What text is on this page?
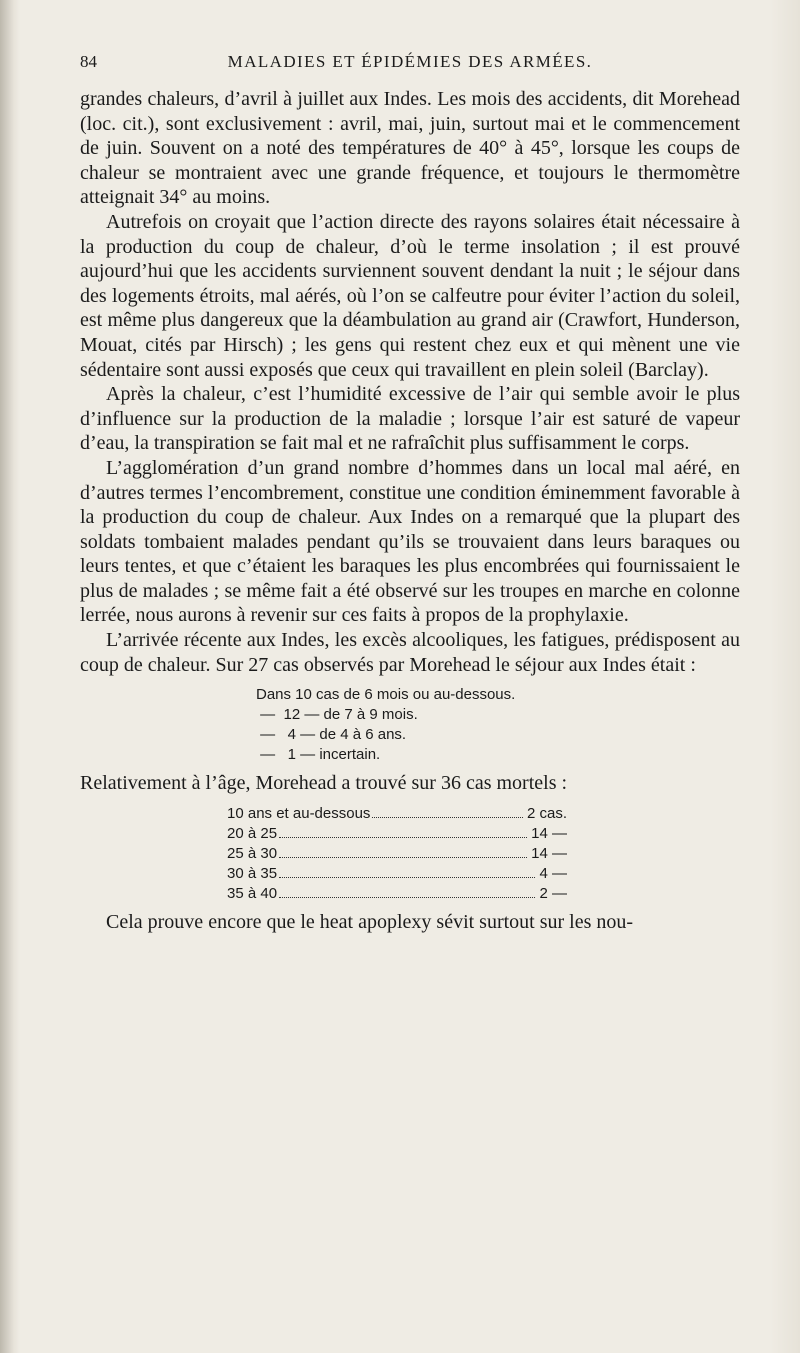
84	MALADIES ET ÉPIDÉMIES DES ARMÉES.

grandes chaleurs, d’avril à juillet aux Indes. Les mois des accidents, dit Morehead (loc. cit.), sont exclusivement : avril, mai, juin, surtout mai et le commencement de juin. Souvent on a noté des températures de 40° à 45°, lorsque les coups de chaleur se montraient avec une grande fréquence, et toujours le thermomètre atteignait 34° au moins.

Autrefois on croyait que l’action directe des rayons solaires était nécessaire à la production du coup de chaleur, d’où le terme insolation ; il est prouvé aujourd’hui que les accidents surviennent souvent dendant la nuit ; le séjour dans des logements étroits, mal aérés, où l’on se calfeutre pour éviter l’action du soleil, est même plus dangereux que la déambulation au grand air (Crawfort, Hunderson, Mouat, cités par Hirsch) ; les gens qui restent chez eux et qui mènent une vie sédentaire sont aussi exposés que ceux qui travaillent en plein soleil (Barclay).

Après la chaleur, c’est l’humidité excessive de l’air qui semble avoir le plus d’influence sur la production de la maladie ; lorsque l’air est saturé de vapeur d’eau, la transpiration se fait mal et ne rafraîchit plus suffisamment le corps.

L’agglomération d’un grand nombre d’hommes dans un local mal aéré, en d’autres termes l’encombrement, constitue une condition éminemment favorable à la production du coup de chaleur. Aux Indes on a remarqué que la plupart des soldats tombaient malades pendant qu’ils se trouvaient dans leurs baraques ou leurs tentes, et que c’étaient les baraques les plus encombrées qui fournissaient le plus de malades ; se même fait a été observé sur les troupes en marche en colonne lerrée, nous aurons à revenir sur ces faits à propos de la prophylaxie.

L’arrivée récente aux Indes, les excès alcooliques, les fatigues, prédisposent au coup de chaleur. Sur 27 cas observés par Morehead le séjour aux Indes était :

Dans 10 cas de 6 mois ou au-dessous.
—  12 — de 7 à 9 mois.
—   4 — de 4 à 6 ans.
—   1 — incertain.

Relativement à l’âge, Morehead a trouvé sur 36 cas mortels :

10 ans et au-dessous	2 cas.
20 à 25	14 —
25 à 30	14 —
30 à 35	4 —
35 à 40	2 —

Cela prouve encore que le heat apoplexy sévit surtout sur les nou-
